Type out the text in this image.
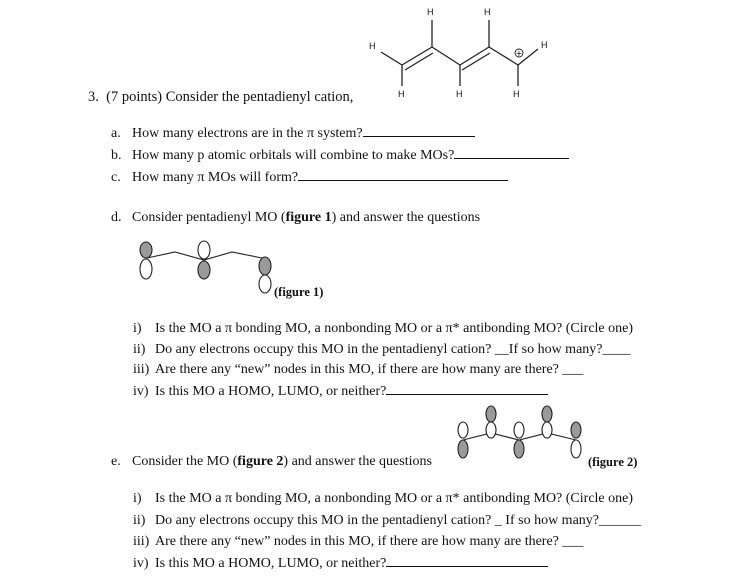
+
H	H
H	H
H	H	H
3. (7 points) Consider the pentadienyl cation,
a. How many electrons are in the π system?
b. How many p atomic orbitals will combine to make MOs?
c. How many π MOs will form?
d. Consider pentadienyl MO (figure 1) and answer the questions
(figure 1)
i) Is the MO a π bonding MO, a nonbonding MO or a π* antibonding MO? (Circle one)
ii) Do any electrons occupy this MO in the pentadienyl cation? __If so how many?____
iii) Are there any “new” nodes in this MO, if there are how many are there? ___
iv) Is this MO a HOMO, LUMO, or neither?
e. Consider the MO (figure 2) and answer the questions	(figure 2)
i) Is the MO a π bonding MO, a nonbonding MO or a π* antibonding MO? (Circle one)
ii) Do any electrons occupy this MO in the pentadienyl cation? _ If so how many?______
iii) Are there any “new” nodes in this MO, if there are how many are there? ___
iv) Is this MO a HOMO, LUMO, or neither?
